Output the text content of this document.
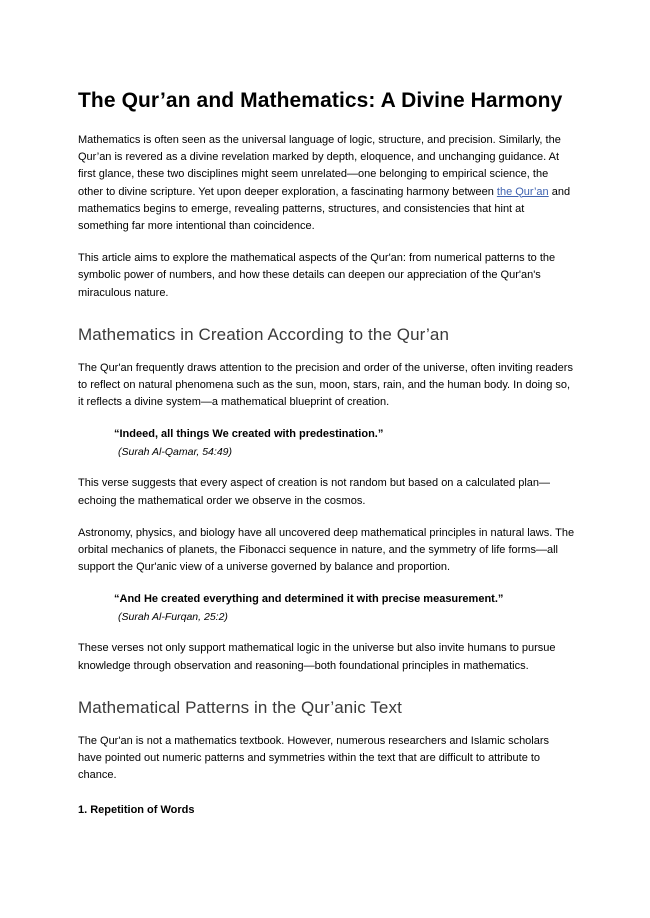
The Qur’an and Mathematics: A Divine Harmony

Mathematics is often seen as the universal language of logic, structure, and precision. Similarly, the Qur’an is revered as a divine revelation marked by depth, eloquence, and unchanging guidance. At first glance, these two disciplines might seem unrelated—one belonging to empirical science, the other to divine scripture. Yet upon deeper exploration, a fascinating harmony between the Qur’an and mathematics begins to emerge, revealing patterns, structures, and consistencies that hint at something far more intentional than coincidence.

This article aims to explore the mathematical aspects of the Qur'an: from numerical patterns to the symbolic power of numbers, and how these details can deepen our appreciation of the Qur'an's miraculous nature.

Mathematics in Creation According to the Qur’an

The Qur'an frequently draws attention to the precision and order of the universe, often inviting readers to reflect on natural phenomena such as the sun, moon, stars, rain, and the human body. In doing so, it reflects a divine system—a mathematical blueprint of creation.

“Indeed, all things We created with predestination.”

(Surah Al-Qamar, 54:49)

This verse suggests that every aspect of creation is not random but based on a calculated plan—echoing the mathematical order we observe in the cosmos.

Astronomy, physics, and biology have all uncovered deep mathematical principles in natural laws. The orbital mechanics of planets, the Fibonacci sequence in nature, and the symmetry of life forms—all support the Qur'anic view of a universe governed by balance and proportion.

“And He created everything and determined it with precise measurement.”

(Surah Al-Furqan, 25:2)

These verses not only support mathematical logic in the universe but also invite humans to pursue knowledge through observation and reasoning—both foundational principles in mathematics.

Mathematical Patterns in the Qur’anic Text

The Qur'an is not a mathematics textbook. However, numerous researchers and Islamic scholars have pointed out numeric patterns and symmetries within the text that are difficult to attribute to chance.

1. Repetition of Words
